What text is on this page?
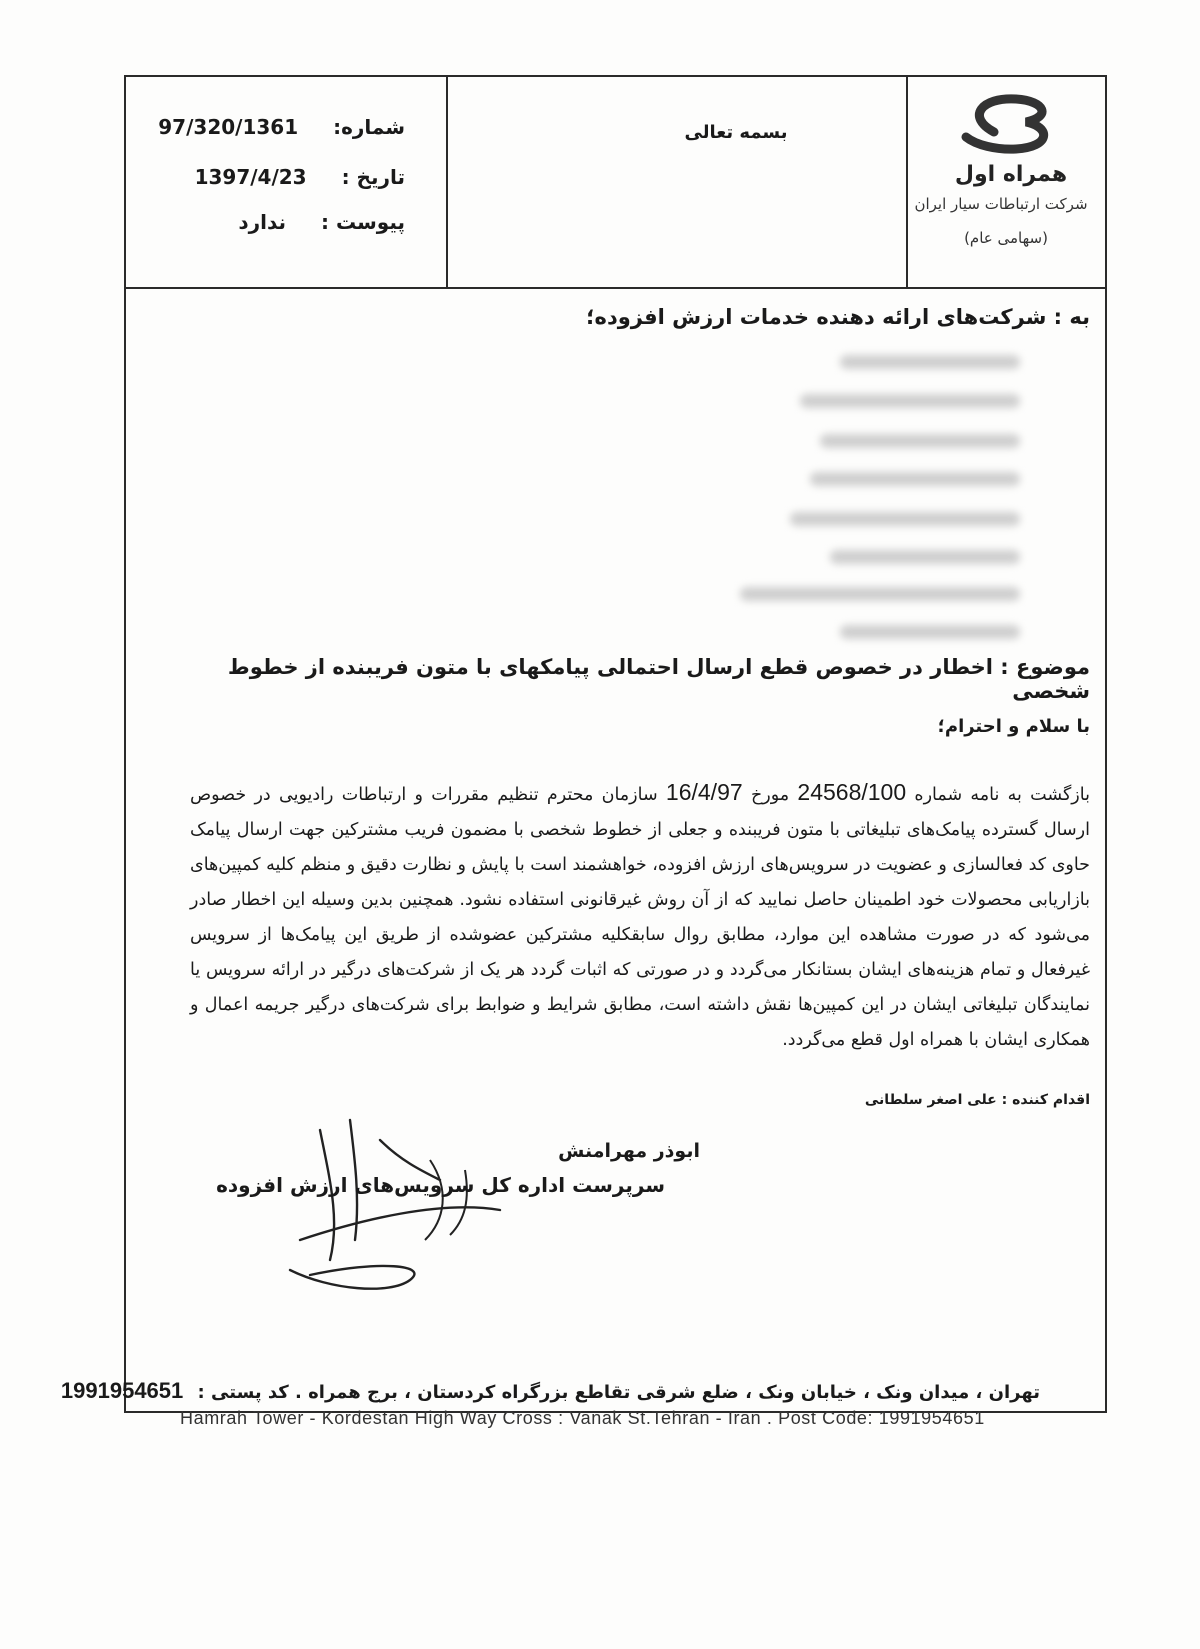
شماره: 97/320/1361
تاریخ : 1397/4/23
پیوست : ندارد
بسمه تعالی
همراه اول
شرکت ارتباطات سیار ایران
(سهامی عام)
به : شرکت‌های ارائه دهنده خدمات ارزش افزوده؛
موضوع : اخطار در خصوص قطع ارسال احتمالی پیامکهای با متون فریبنده از خطوط شخصی
با سلام و احترام؛
بازگشت به نامه شماره 24568/100 مورخ 16/4/97 سازمان محترم تنظیم مقررات و ارتباطات رادیویی در خصوص ارسال گسترده پیامک‌های تبلیغاتی با متون فریبنده و جعلی از خطوط شخصی با مضمون فریب مشترکین جهت ارسال پیامک حاوی کد فعالسازی و عضویت در سرویس‌های ارزش افزوده، خواهشمند است با پایش و نظارت دقیق و منظم کلیه کمپین‌های بازاریابی محصولات خود اطمینان حاصل نمایید که از آن روش غیرقانونی استفاده نشود. همچنین بدین وسیله این اخطار صادر می‌شود که در صورت مشاهده این موارد، مطابق روال سابقکلیه مشترکین عضوشده از طریق این پیامک‌ها از سرویس غیرفعال و تمام هزینه‌های ایشان بستانکار می‌گردد و در صورتی که اثبات گردد هر یک از شرکت‌های درگیر در ارائه سرویس یا نمایندگان تبلیغاتی ایشان در این کمپین‌ها نقش داشته است، مطابق شرایط و ضوابط برای شرکت‌های درگیر جریمه اعمال و همکاری ایشان با همراه اول قطع می‌گردد.
اقدام کننده : علی اصغر سلطانی
ابوذر مهرامنش
سرپرست اداره کل سرویس‌های ارزش افزوده
تهران ، میدان ونک ، خیابان ونک ، ضلع شرقی تقاطع بزرگراه کردستان ، برج همراه . کد پستی : 1991954651
Hamrah Tower - Kordestan High Way Cross : Vanak St.Tehran - Iran . Post Code: 1991954651
